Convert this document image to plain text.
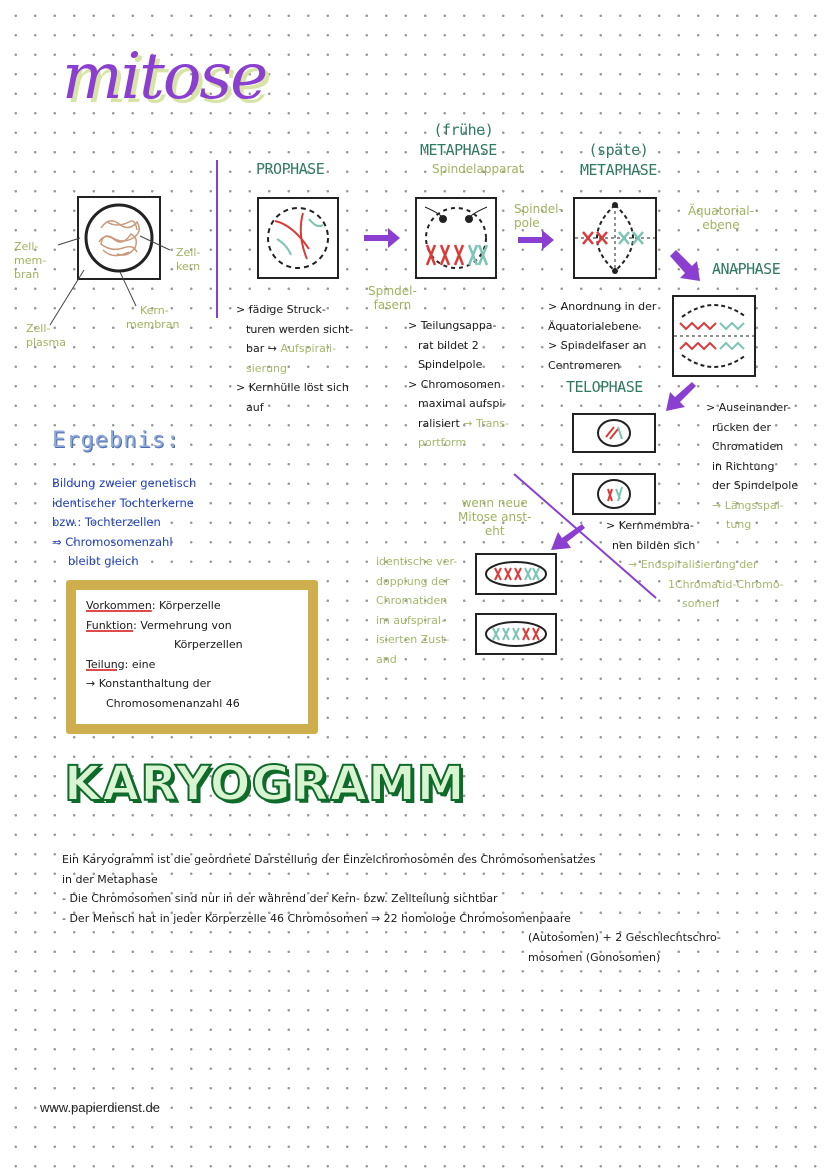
mitose
Zell-
mem-
bran
Zell-
kern
Zell-
plasma
Kern-
membran
PROPHASE
> fädige Struck-
turen werden sicht-
bar → Aufspirali-
sierung
> Kernhülle löst sich
auf
(frühe)
METAPHASE
Spindelapparat
Spindel-
pole
Spindel-
fasern
> Teilungsappa-
rat bildet 2
Spindelpole
> Chromosomen
maximal aufspi-
ralisiert → Trans-
portform
(späte)
METAPHASE
Äquatorial-
ebene
> Anordnung in der
Äquatorialebene
> Spindelfaser an
Centromeren
ANAPHASE
> Auseinander-
rücken der
Chromatiden
in Richtung
der Spindelpole
→ Längsspal-
tung
TELOPHASE
> Kernmembra-
nen bilden sich
→ Endspiralisierung der
1Chromatid-Chromo-
somen
wenn neue
Mitose anst-
eht
identische ver-
dopplung der
Chromatiden
im aufspiral-
isierten Zust-
and
Ergebnis:
Bildung zweier genetisch
identischer Tochterkerne
bzw.: Tochterzellen
⇒ Chromosomenzahl
bleibt gleich
Vorkommen: Körperzelle
Funktion: Vermehrung von
Körperzellen
Teilung: eine
→ Konstanthaltung der
Chromosomenanzahl 46
KARYOGRAMM
Ein Karyogramm ist die geordnete Darstellung der Einzelchromosomen des Chromosomensatzes
in der Metaphase
- Die Chromosomen sind nur in der während der Kern- bzw. Zellteilung sichtbar
- Der Mensch hat in jeder Körperzelle 46 Chromosomen ⇒ 22 homologe Chromosomenpaare
(Autosomen) + 2 Geschlechtschro-
mosomen (Gonosomen)
www.papierdienst.de
